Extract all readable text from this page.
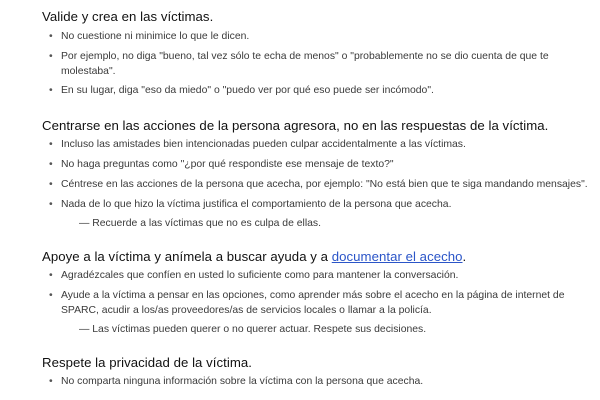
Valide y crea en las víctimas.
• No cuestione ni minimice lo que le dicen.
• Por ejemplo, no diga "bueno, tal vez sólo te echa de menos" o "probablemente no se dio cuenta de que te molestaba".
• En su lugar, diga "eso da miedo" o "puedo ver por qué eso puede ser incómodo".
Centrarse en las acciones de la persona agresora, no en las respuestas de la víctima.
• Incluso las amistades bien intencionadas pueden culpar accidentalmente a las víctimas.
• No haga preguntas como "¿por qué respondiste ese mensaje de texto?"
• Céntrese en las acciones de la persona que acecha, por ejemplo: "No está bien que te siga mandando mensajes".
• Nada de lo que hizo la víctima justifica el comportamiento de la persona que acecha.
— Recuerde a las víctimas que no es culpa de ellas.
Apoye a la víctima y anímela a buscar ayuda y a documentar el acecho.
• Agradézcales que confíen en usted lo suficiente como para mantener la conversación.
• Ayude a la víctima a pensar en las opciones, como aprender más sobre el acecho en la página de internet de SPARC, acudir a los/as proveedores/as de servicios locales o llamar a la policía.
— Las víctimas pueden querer o no querer actuar. Respete sus decisiones.
Respete la privacidad de la víctima.
• No comparta ninguna información sobre la víctima con la persona que acecha.
